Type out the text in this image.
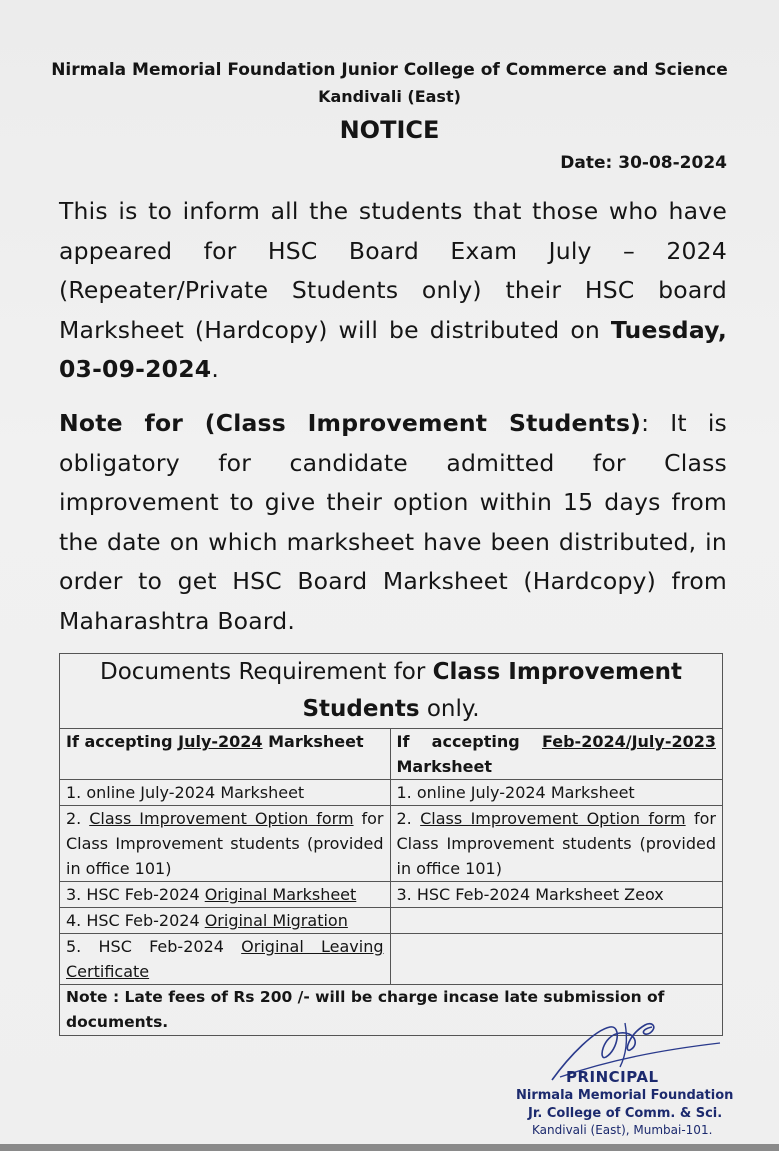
Nirmala Memorial Foundation Junior College of Commerce and Science
Kandivali (East)
NOTICE
Date: 30-08-2024

This is to inform all the students that those who have appeared for HSC Board Exam July – 2024 (Repeater/Private Students only) their HSC board Marksheet (Hardcopy) will be distributed on Tuesday, 03-09-2024.

Note for (Class Improvement Students): It is obligatory for candidate admitted for Class improvement to give their option within 15 days from the date on which marksheet have been distributed, in order to get HSC Board Marksheet (Hardcopy) from Maharashtra Board.

Documents Requirement for Class Improvement Students only.	
If accepting July-2024 Marksheet	If accepting Feb-2024/July-2023 Marksheet
1. online July-2024 Marksheet	1. online July-2024 Marksheet
2. Class Improvement Option form for Class Improvement students (provided in office 101)	2. Class Improvement Option form for Class Improvement students (provided in office 101)
3. HSC Feb-2024 Original Marksheet	3. HSC Feb-2024 Marksheet Zeox
4. HSC Feb-2024 Original Migration	
5. HSC Feb-2024 Original Leaving Certificate	
Note : Late fees of Rs 200 /- will be charge incase late submission of documents.	
PRINCIPAL
Nirmala Memorial Foundation
Jr. College of Comm. & Sci.
Kandivali (East), Mumbai-101.
